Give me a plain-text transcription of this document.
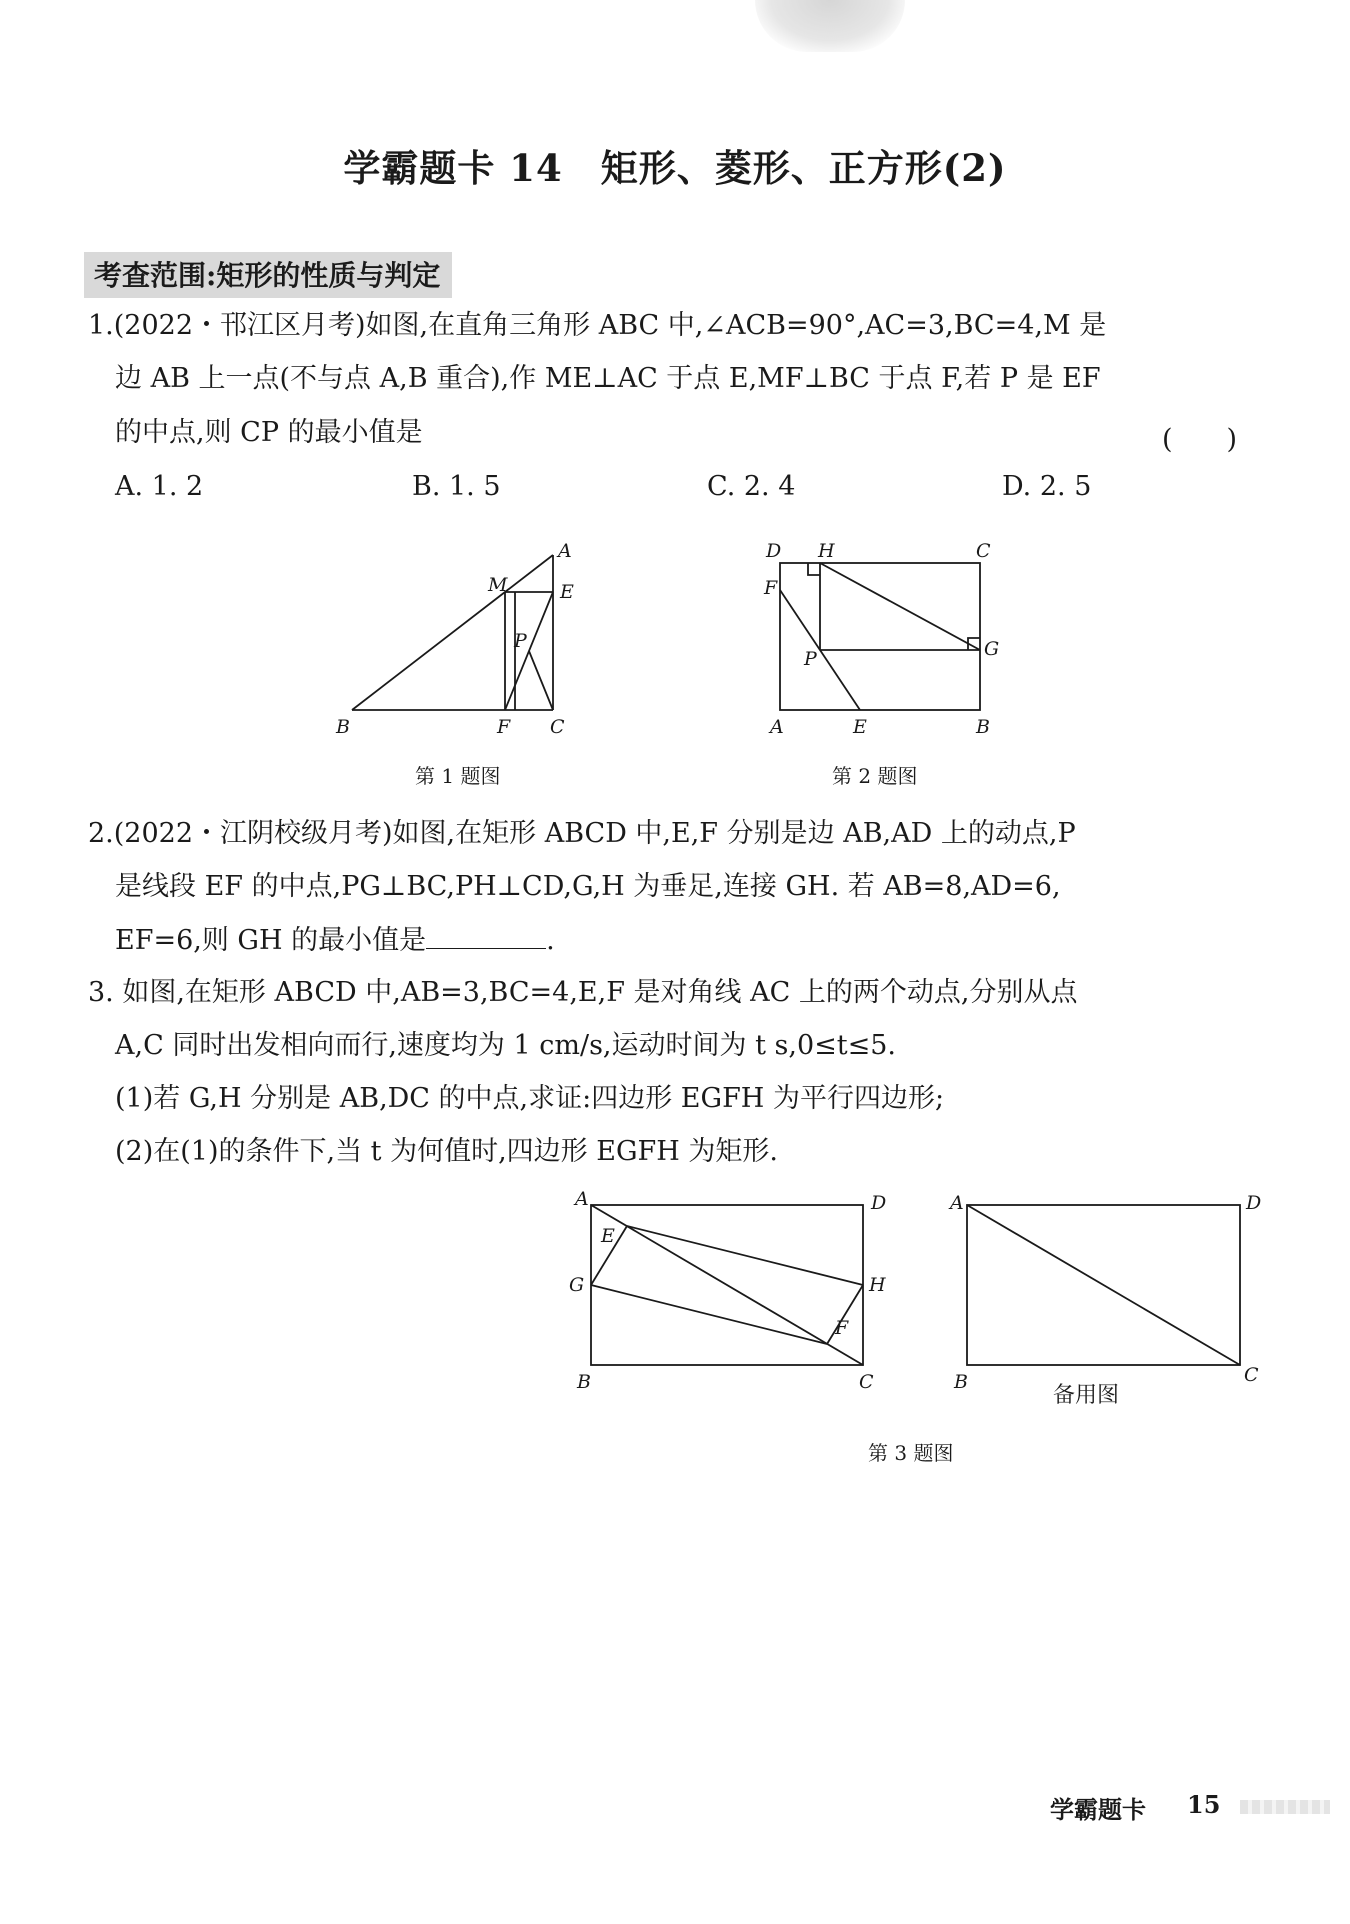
学霸题卡 14　矩形、菱形、正方形(2)
考查范围:矩形的性质与判定
1.(2022・邗江区月考)如图,在直角三角形 ABC 中,∠ACB=90°,AC=3,BC=4,M 是
边 AB 上一点(不与点 A,B 重合),作 ME⊥AC 于点 E,MF⊥BC 于点 F,若 P 是 EF
的中点,则 CP 的最小值是	(　　)
A. 1. 2	B. 1. 5	C. 2. 4	D. 2. 5
A
B	C
M	E
F
P
第 1 题图
D H	C
F
G
P
A	E	B
第 2 题图
2.(2022・江阴校级月考)如图,在矩形 ABCD 中,E,F 分别是边 AB,AD 上的动点,P
是线段 EF 的中点,PG⊥BC,PH⊥CD,G,H 为垂足,连接 GH. 若 AB=8,AD=6,
EF=6,则 GH 的最小值是	.
3. 如图,在矩形 ABCD 中,AB=3,BC=4,E,F 是对角线 AC 上的两个动点,分别从点
A,C 同时出发相向而行,速度均为 1 cm/s,运动时间为 t s,0≤t≤5.
(1)若 G,H 分别是 AB,DC 的中点,求证:四边形 EGFH 为平行四边形;
(2)在(1)的条件下,当 t 为何值时,四边形 EGFH 为矩形.
A	D
E
G	H
F
B	C
A	D
B	C
备用图
第 3 题图
学霸题卡 15
